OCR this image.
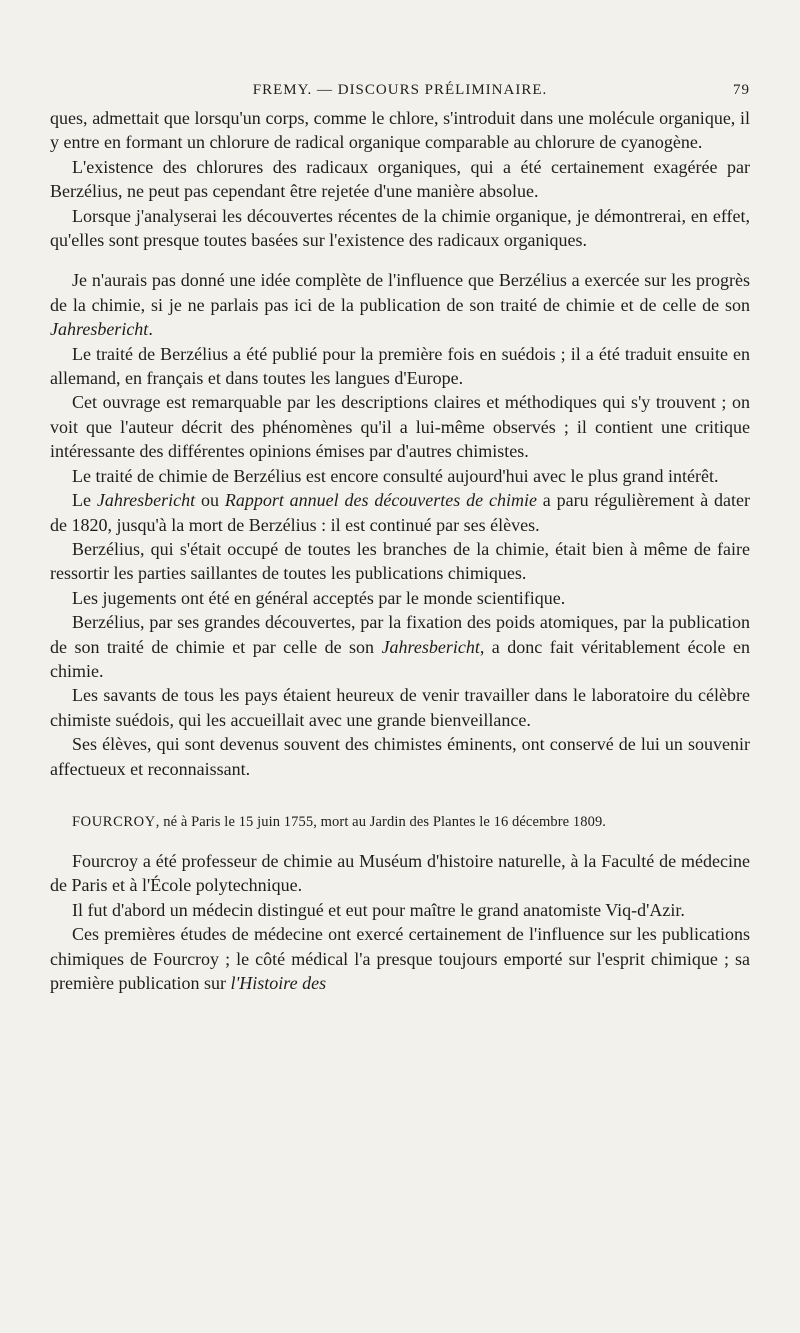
FREMY. — DISCOURS PRÉLIMINAIRE.	79

ques, admettait que lorsqu'un corps, comme le chlore, s'introduit dans une molécule organique, il y entre en formant un chlorure de radical organique comparable au chlorure de cyanogène.

L'existence des chlorures des radicaux organiques, qui a été certainement exagérée par Berzélius, ne peut pas cependant être rejetée d'une manière absolue.

Lorsque j'analyserai les découvertes récentes de la chimie organique, je démontrerai, en effet, qu'elles sont presque toutes basées sur l'existence des radicaux organiques.

Je n'aurais pas donné une idée complète de l'influence que Berzélius a exercée sur les progrès de la chimie, si je ne parlais pas ici de la publication de son traité de chimie et de celle de son Jahresbericht.

Le traité de Berzélius a été publié pour la première fois en suédois ; il a été traduit ensuite en allemand, en français et dans toutes les langues d'Europe.

Cet ouvrage est remarquable par les descriptions claires et méthodiques qui s'y trouvent ; on voit que l'auteur décrit des phénomènes qu'il a lui-même observés ; il contient une critique intéressante des différentes opinions émises par d'autres chimistes.

Le traité de chimie de Berzélius est encore consulté aujourd'hui avec le plus grand intérêt.

Le Jahresbericht ou Rapport annuel des découvertes de chimie a paru régulièrement à dater de 1820, jusqu'à la mort de Berzélius : il est continué par ses élèves.

Berzélius, qui s'était occupé de toutes les branches de la chimie, était bien à même de faire ressortir les parties saillantes de toutes les publications chimiques.

Les jugements ont été en général acceptés par le monde scientifique.

Berzélius, par ses grandes découvertes, par la fixation des poids atomiques, par la publication de son traité de chimie et par celle de son Jahresbericht, a donc fait véritablement école en chimie.

Les savants de tous les pays étaient heureux de venir travailler dans le laboratoire du célèbre chimiste suédois, qui les accueillait avec une grande bienveillance.

Ses élèves, qui sont devenus souvent des chimistes éminents, ont conservé de lui un souvenir affectueux et reconnaissant.

FOURCROY, né à Paris le 15 juin 1755, mort au Jardin des Plantes le 16 décembre 1809.

Fourcroy a été professeur de chimie au Muséum d'histoire naturelle, à la Faculté de médecine de Paris et à l'École polytechnique.

Il fut d'abord un médecin distingué et eut pour maître le grand anatomiste Viq-d'Azir.

Ces premières études de médecine ont exercé certainement de l'influence sur les publications chimiques de Fourcroy ; le côté médical l'a presque toujours emporté sur l'esprit chimique ; sa première publication sur l'Histoire des
